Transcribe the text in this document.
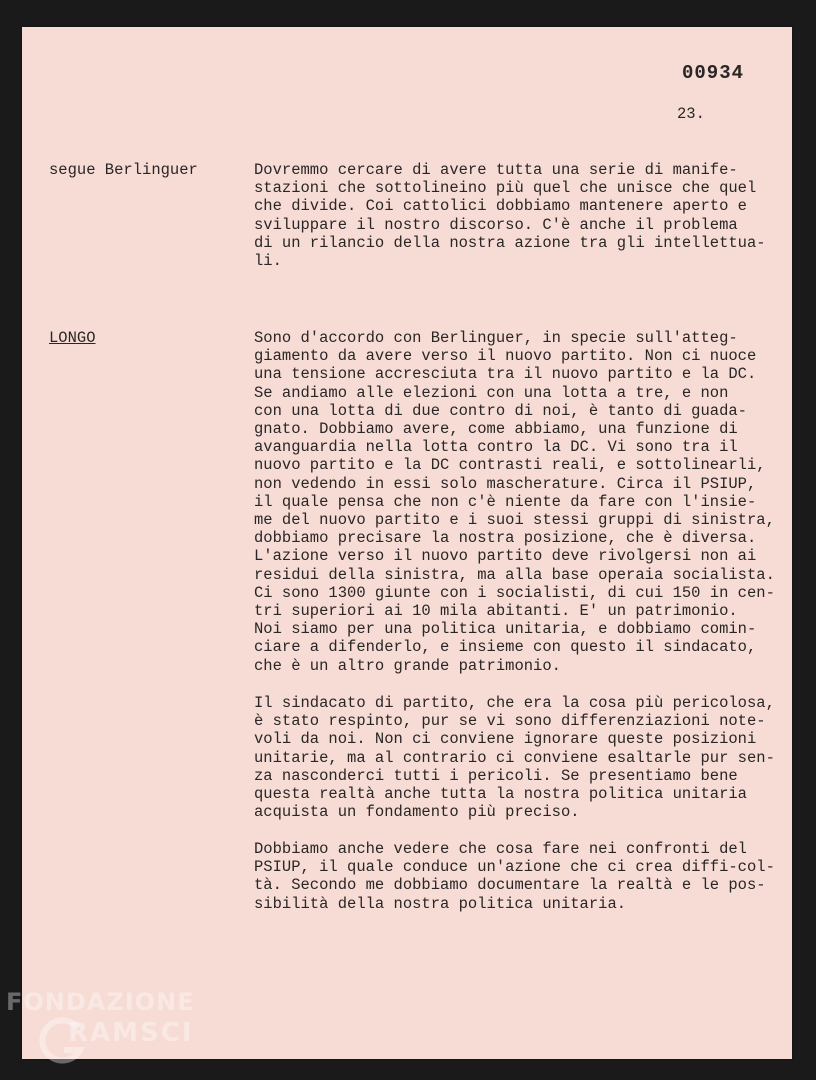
00934
23.
segue Berlinguer	Dovremmo cercare di avere tutta una serie di manife-
stazioni che sottolineino più quel che unisce che quel
che divide. Coi cattolici dobbiamo mantenere aperto e
sviluppare il nostro discorso. C'è anche il problema
di un rilancio della nostra azione tra gli intellettua-
li.

LONGO	Sono d'accordo con Berlinguer, in specie sull'atteg-
giamento da avere verso il nuovo partito. Non ci nuoce
una tensione accresciuta tra il nuovo partito e la DC.
Se andiamo alle elezioni con una lotta a tre, e non
con una lotta di due contro di noi, è tanto di guada-
gnato. Dobbiamo avere, come abbiamo, una funzione di
avanguardia nella lotta contro la DC. Vi sono tra il
nuovo partito e la DC contrasti reali, e sottolinearli,
non vedendo in essi solo mascherature. Circa il PSIUP,
il quale pensa che non c'è niente da fare con l'insie-
me del nuovo partito e i suoi stessi gruppi di sinistra,
dobbiamo precisare la nostra posizione, che è diversa.
L'azione verso il nuovo partito deve rivolgersi non ai
residui della sinistra, ma alla base operaia socialista.
Ci sono 1300 giunte con i socialisti, di cui 150 in cen-
tri superiori ai 10 mila abitanti. E' un patrimonio.
Noi siamo per una politica unitaria, e dobbiamo comin-
ciare a difenderlo, e insieme con questo il sindacato,
che è un altro grande patrimonio.

Il sindacato di partito, che era la cosa più pericolosa,
è stato respinto, pur se vi sono differenziazioni note-
voli da noi. Non ci conviene ignorare queste posizioni
unitarie, ma al contrario ci conviene esaltarle pur sen-
za nasconderci tutti i pericoli. Se presentiamo bene
questa realtà anche tutta la nostra politica unitaria
acquista un fondamento più preciso.

Dobbiamo anche vedere che cosa fare nei confronti del
PSIUP, il quale conduce un'azione che ci crea diffi-col-
tà. Secondo me dobbiamo documentare la realtà e le pos-
sibilità della nostra politica unitaria.

FONDAZIONE
RAMSCI
